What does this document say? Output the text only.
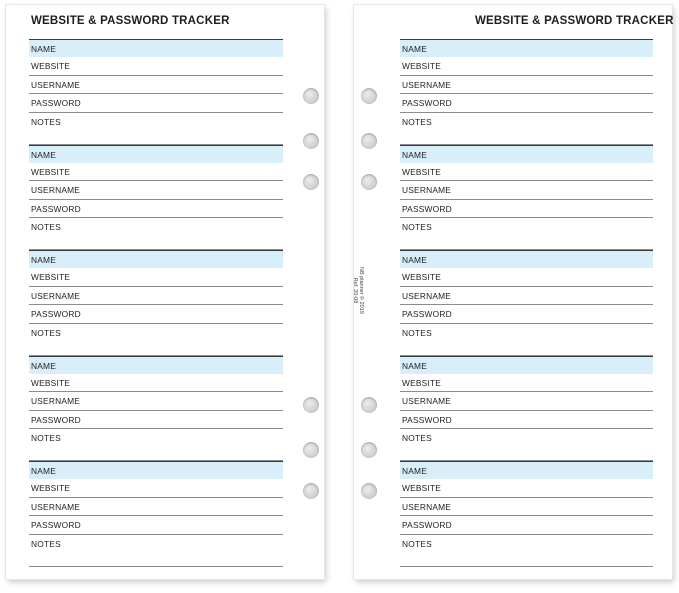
WEBSITE & PASSWORD TRACKER
NAME
WEBSITE
USERNAME
PASSWORD
NOTES
NAME
WEBSITE
USERNAME
PASSWORD
NOTES
NAME
WEBSITE
USERNAME
PASSWORD
NOTES
NAME
WEBSITE
USERNAME
PASSWORD
NOTES
NAME
WEBSITE
USERNAME
PASSWORD
NOTES
WEBSITE & PASSWORD TRACKER
NAME
WEBSITE
USERNAME
PASSWORD
NOTES
NAME
WEBSITE
USERNAME
PASSWORD
NOTES
NAME
WEBSITE
USERNAME
PASSWORD
NOTES
NAME
WEBSITE
USERNAME
PASSWORD
NOTES
NAME
WEBSITE
USERNAME
PASSWORD
NOTES
NB planner © 2019
Ref. 20-08
